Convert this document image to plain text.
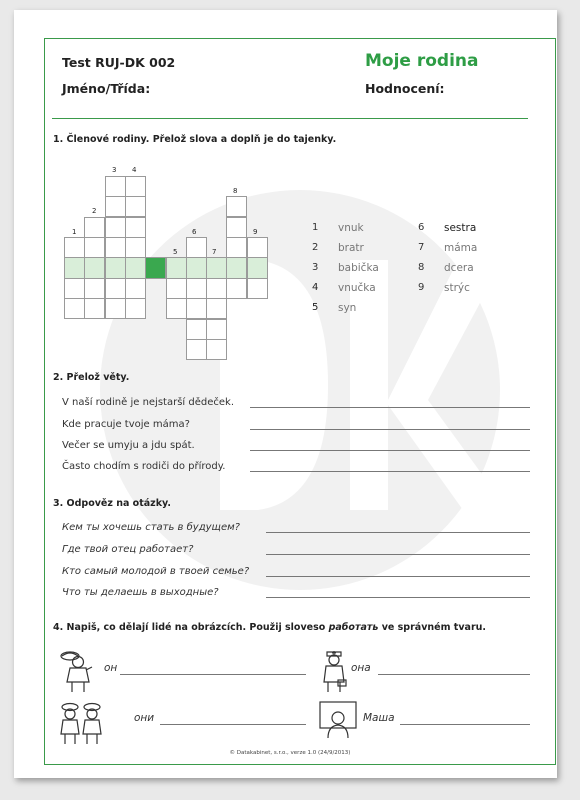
Test RUJ-DK 002	Moje rodina
Jméno/Třída:	Hodnocení:
1. Členové rodiny. Přelož slova a doplň je do tajenky.
1
2
3 4
5
6
7
8
9	1	vnuk
2	bratr
3	babička
4	vnučka
5	syn
6	sestra
7	máma
8	dcera
9	strýc
2. Přelož věty.
V naší rodině je nejstarší dědeček.
Kde pracuje tvoje máma?
Večer se umyju a jdu spát.
Často chodím s rodiči do přírody.
3. Odpověz na otázky.
Кем ты хочешь стать в будущем?
Где твой отец работает?
Кто самый молодой в твоей семье?
Что ты делаешь в выходные?
4. Napiš, co dělají lidé na obrázcích. Použij sloveso работать ve správném tvaru.
он	она
они	Маша
© Datakabinet, s.r.o., verze 1.0 (24/9/2013)
